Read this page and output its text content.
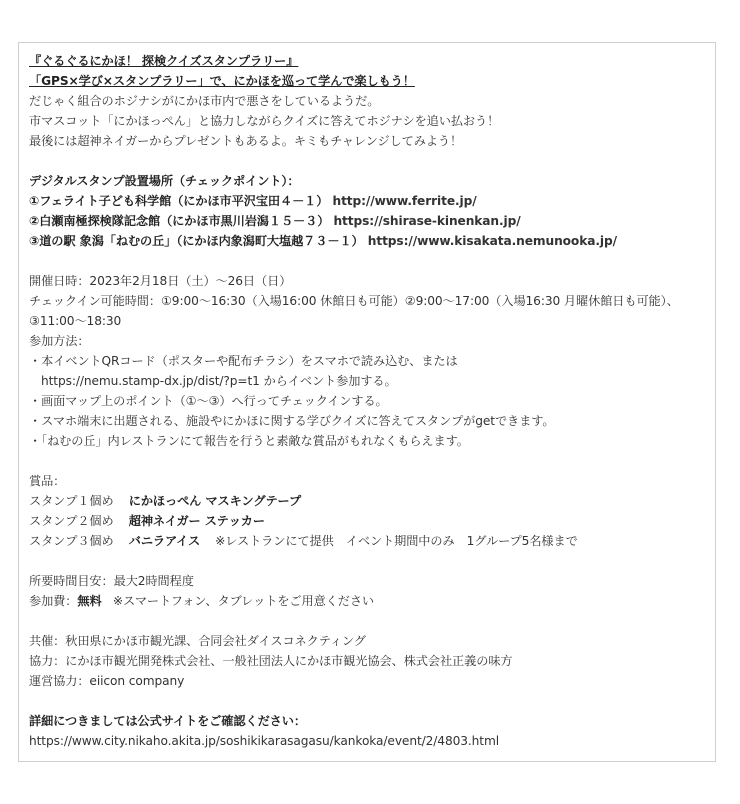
『ぐるぐるにかほ！ 探検クイズスタンプラリー』
「GPS×学び×スタンプラリー」で、にかほを巡って学んで楽しもう！
だじゃく組合のホジナシがにかほ市内で悪さをしているようだ。
市マスコット「にかほっぺん」と協力しながらクイズに答えてホジナシを追い払おう！
最後には超神ネイガーからプレゼントもあるよ。キミもチャレンジしてみよう！
デジタルスタンプ設置場所（チェックポイント）：
①フェライト子ども科学館（にかほ市平沢宝田４－１） http://www.ferrite.jp/
②白瀬南極探検隊記念館（にかほ市黒川岩潟１５－３） https://shirase-kinenkan.jp/
③道の駅 象潟「ねむの丘」（にかほ内象潟町大塩越７３－１） https://www.kisakata.nemunooka.jp/
開催日時：2023年2月18日（土）～26日（日）
チェックイン可能時間：①9:00～16:30（入場16:00 休館日も可能）②9:00～17:00（入場16:30 月曜休館日も可能）、③11:00～18:30
参加方法：
・本イベントQRコード（ポスターや配布チラシ）をスマホで読み込む、または
https://nemu.stamp-dx.jp/dist/?p=t1 からイベント参加する。
・画面マップ上のポイント（①～③）へ行ってチェックインする。
・スマホ端末に出題される、施設やにかほに関する学びクイズに答えてスタンプがgetできます。
・「ねむの丘」内レストランにて報告を行うと素敵な賞品がもれなくもらえます。
賞品：
スタンプ１個め にかほっぺん マスキングテープ
スタンプ２個め 超神ネイガー ステッカー
スタンプ３個め バニラアイス ※レストランにて提供　イベント期間中のみ　1グループ5名様まで
所要時間目安：最大2時間程度
参加費：無料 ※スマートフォン、タブレットをご用意ください
共催：秋田県にかほ市観光課、合同会社ダイスコネクティング
協力：にかほ市観光開発株式会社、一般社団法人にかほ市観光協会、株式会社正義の味方
運営協力：eiicon company
詳細につきましては公式サイトをご確認ください：
https://www.city.nikaho.akita.jp/soshikikarasagasu/kankoka/event/2/4803.html
